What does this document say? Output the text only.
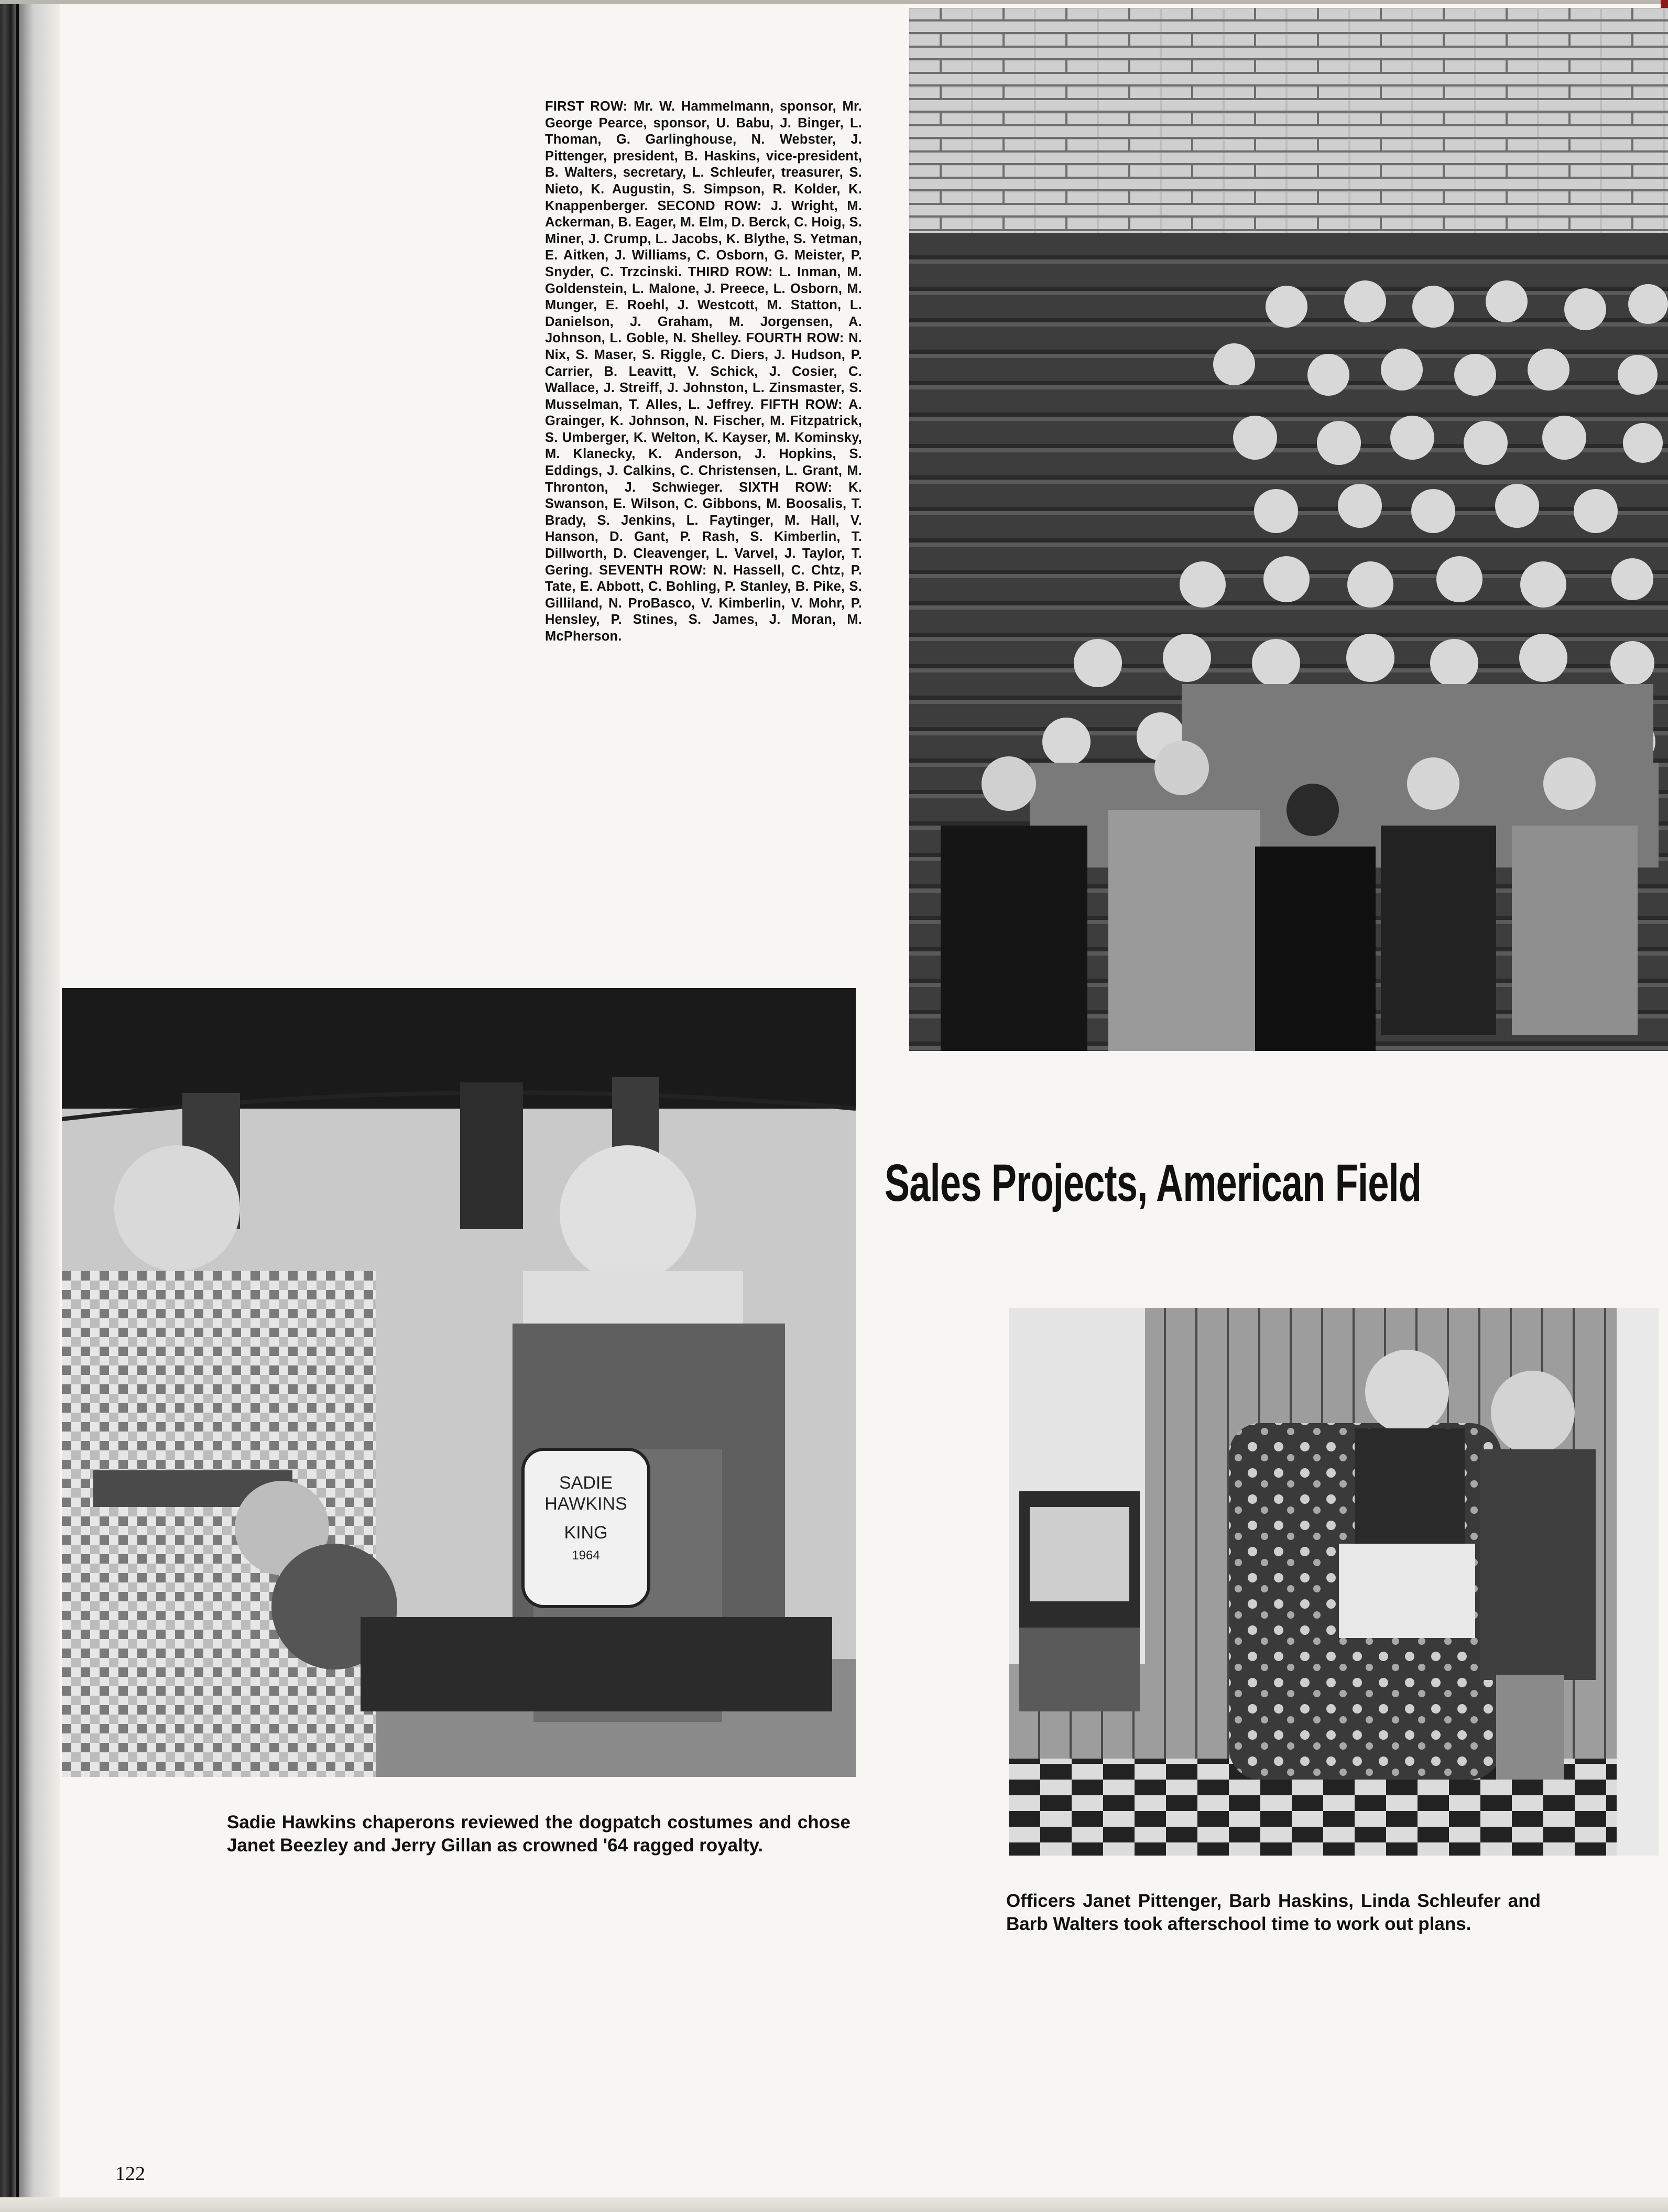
FIRST ROW: Mr. W. Hammelmann, sponsor, Mr. George Pearce, sponsor, U. Babu, J. Binger, L. Thoman, G. Garlinghouse, N. Webster, J. Pittenger, president, B. Haskins, vice-president, B. Walters, secretary, L. Schleufer, treasurer, S. Nieto, K. Augustin, S. Simpson, R. Kolder, K. Knappenberger. SECOND ROW: J. Wright, M. Ackerman, B. Eager, M. Elm, D. Berck, C. Hoig, S. Miner, J. Crump, L. Jacobs, K. Blythe, S. Yetman, E. Aitken, J. Williams, C. Osborn, G. Meister, P. Snyder, C. Trzcinski. THIRD ROW: L. Inman, M. Goldenstein, L. Malone, J. Preece, L. Osborn, M. Munger, E. Roehl, J. Westcott, M. Statton, L. Danielson, J. Graham, M. Jorgensen, A. Johnson, L. Goble, N. Shelley. FOURTH ROW: N. Nix, S. Maser, S. Riggle, C. Diers, J. Hudson, P. Carrier, B. Leavitt, V. Schick, J. Cosier, C. Wallace, J. Streiff, J. Johnston, L. Zinsmaster, S. Musselman, T. Alles, L. Jeffrey. FIFTH ROW: A. Grainger, K. Johnson, N. Fischer, M. Fitzpatrick, S. Umberger, K. Welton, K. Kayser, M. Kominsky, M. Klanecky, K. Anderson, J. Hopkins, S. Eddings, J. Calkins, C. Christensen, L. Grant, M. Thronton, J. Schwieger. SIXTH ROW: K. Swanson, E. Wilson, C. Gibbons, M. Boosalis, T. Brady, S. Jenkins, L. Faytinger, M. Hall, V. Hanson, D. Gant, P. Rash, S. Kimberlin, T. Dillworth, D. Cleavenger, L. Varvel, J. Taylor, T. Gering. SEVENTH ROW: N. Hassell, C. Chtz, P. Tate, E. Abbott, C. Bohling, P. Stanley, B. Pike, S. Gilliland, N. ProBasco, V. Kimberlin, V. Mohr, P. Hensley, P. Stines, S. James, J. Moran, M. McPherson.

SADIE
HAWKINS
KING
1964
Sales Projects, American Field

Sadie Hawkins chaperons reviewed the dogpatch costumes and chose Janet Beezley and Jerry Gillan as crowned '64 ragged royalty.

Officers Janet Pittenger, Barb Haskins, Linda Schleufer and Barb Walters took afterschool time to work out plans.

122
